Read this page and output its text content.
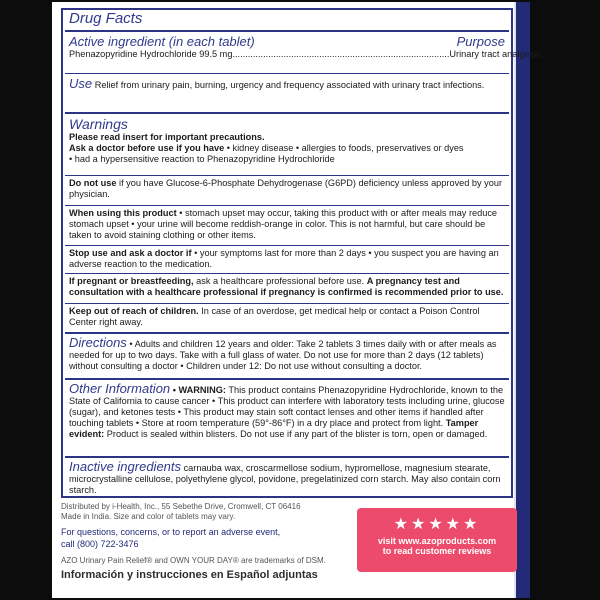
Drug Facts
Active ingredient (in each tablet)	Purpose
Phenazopyridine Hydrochloride 99.5 mg ..................................................................................... Urinary tract analgesic
Use Relief from urinary pain, burning, urgency and frequency associated with urinary tract infections.
Warnings
Please read insert for important precautions.
Ask a doctor before use if you have • kidney disease • allergies to foods, preservatives or dyes
• had a hypersensitive reaction to Phenazopyridine Hydrochloride
Do not use if you have Glucose-6-Phosphate Dehydrogenase (G6PD) deficiency unless approved by your physician.
When using this product • stomach upset may occur, taking this product with or after meals may reduce stomach upset • your urine will become reddish-orange in color. This is not harmful, but care should be taken to avoid staining clothing or other items.
Stop use and ask a doctor if • your symptoms last for more than 2 days • you suspect you are having an adverse reaction to the medication.
If pregnant or breastfeeding, ask a healthcare professional before use. A pregnancy test and consultation with a healthcare professional if pregnancy is confirmed is recommended prior to use.
Keep out of reach of children. In case of an overdose, get medical help or contact a Poison Control Center right away.
Directions • Adults and children 12 years and older: Take 2 tablets 3 times daily with or after meals as needed for up to two days. Take with a full glass of water. Do not use for more than 2 days (12 tablets) without consulting a doctor • Children under 12: Do not use without consulting a doctor.
Other Information • WARNING: This product contains Phenazopyridine Hydrochloride, known to the State of California to cause cancer • This product can interfere with laboratory tests including urine, glucose (sugar), and ketones tests • This product may stain soft contact lenses and other items if handled after touching tablets • Store at room temperature (59°-86°F) in a dry place and protect from light. Tamper evident: Product is sealed within blisters. Do not use if any part of the blister is torn, open or damaged.
Inactive ingredients carnauba wax, croscarmellose sodium, hypromellose, magnesium stearate, microcrystalline cellulose, polyethylene glycol, povidone, pregelatinized corn starch. May also contain corn starch.
Distributed by i-Health, Inc., 55 Sebethe Drive, Cromwell, CT 06416
Made in India. Size and color of tablets may vary.
For questions, concerns, or to report an adverse event,
call (800) 722-3476
AZO Urinary Pain Relief® and OWN YOUR DAY® are trademarks of DSM.
Información y instrucciones en Español adjuntas
★★★★★
visit www.azoproducts.com
to read customer reviews
